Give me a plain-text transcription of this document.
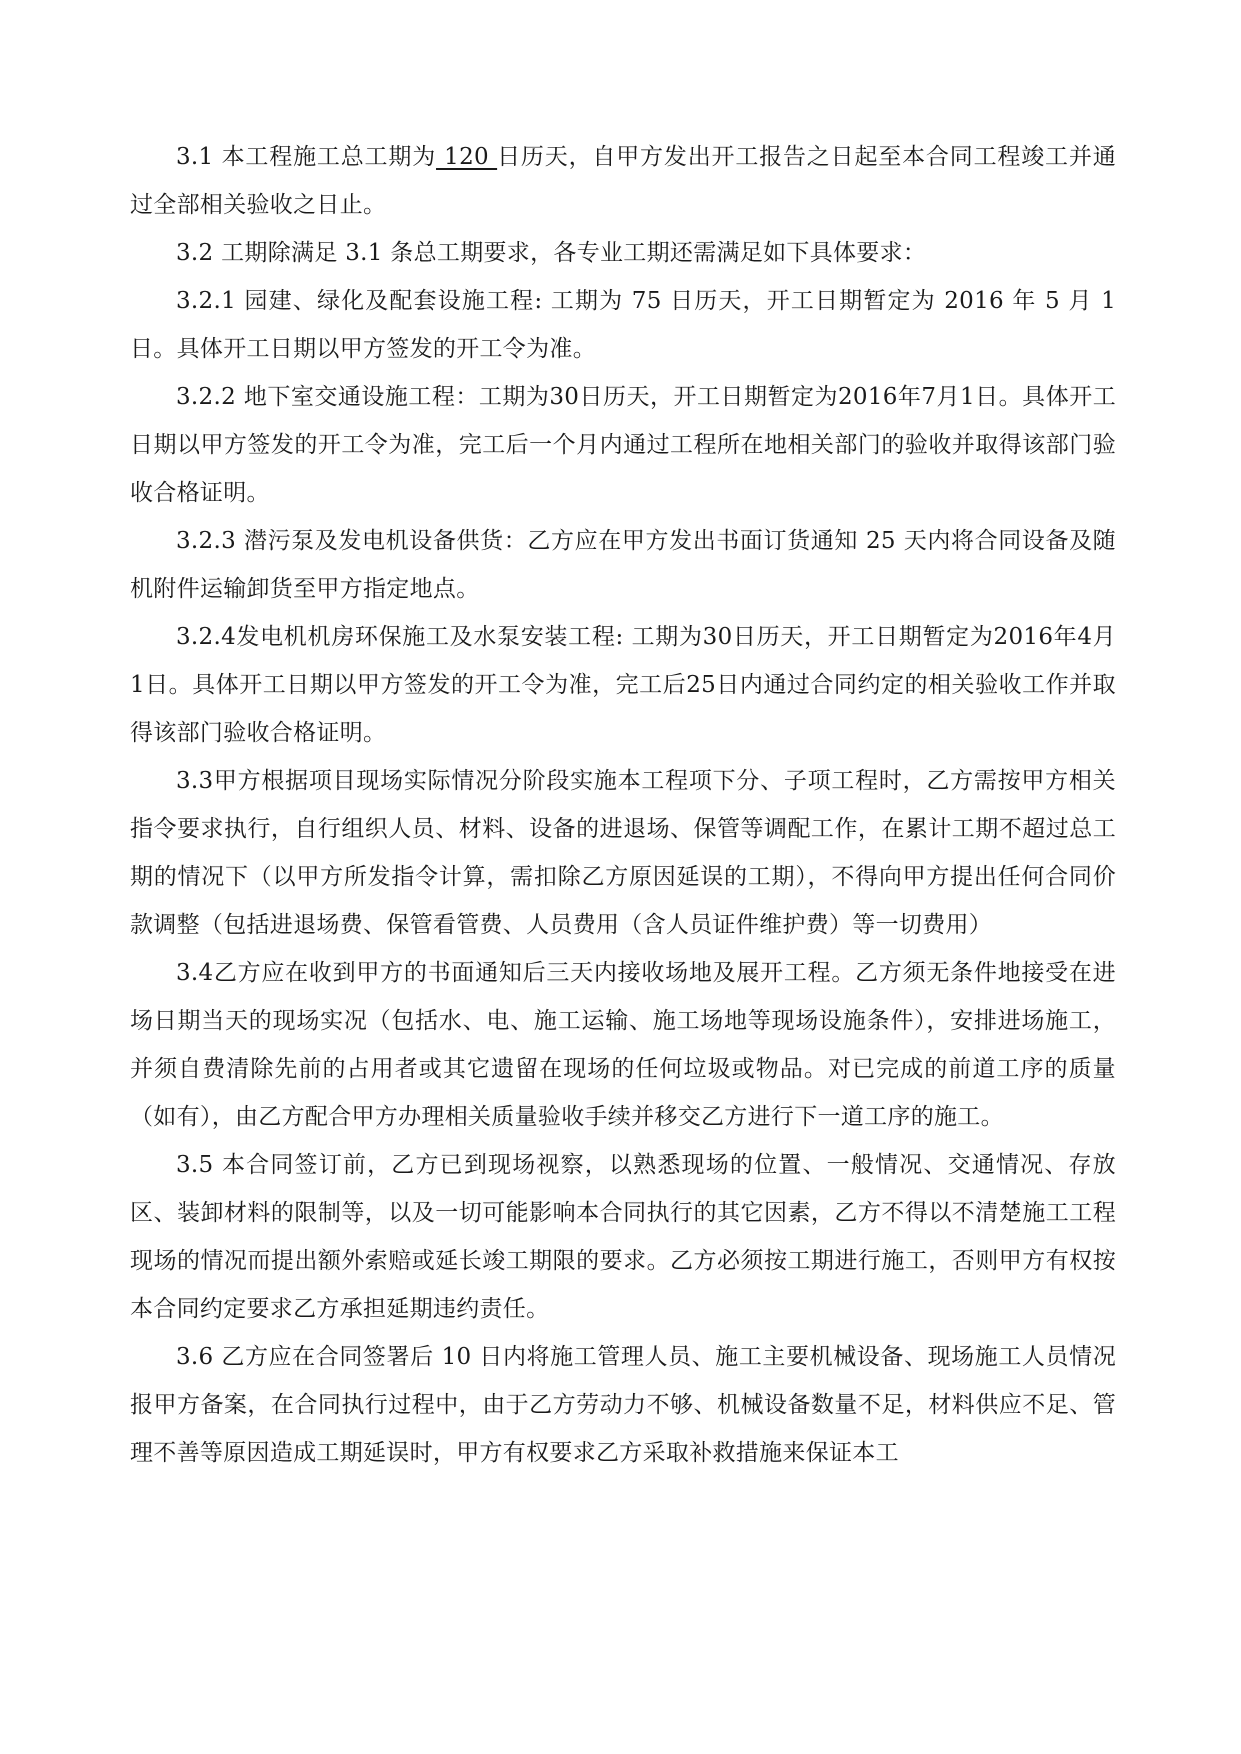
3.1 本工程施工总工期为 120 日历天，自甲方发出开工报告之日起至本合同工程竣工并通过全部相关验收之日止。

3.2 工期除满足 3.1 条总工期要求，各专业工期还需满足如下具体要求：

3.2.1 园建、绿化及配套设施工程: 工期为 75 日历天，开工日期暂定为 2016 年 5 月 1 日。具体开工日期以甲方签发的开工令为准。

3.2.2 地下室交通设施工程：工期为30日历天，开工日期暂定为2016年7月1日。具体开工日期以甲方签发的开工令为准，完工后一个月内通过工程所在地相关部门的验收并取得该部门验收合格证明。

3.2.3 潜污泵及发电机设备供货：乙方应在甲方发出书面订货通知 25 天内将合同设备及随机附件运输卸货至甲方指定地点。

3.2.4发电机机房环保施工及水泵安装工程: 工期为30日历天，开工日期暂定为2016年4月1日。具体开工日期以甲方签发的开工令为准，完工后25日内通过合同约定的相关验收工作并取得该部门验收合格证明。

3.3甲方根据项目现场实际情况分阶段实施本工程项下分、子项工程时，乙方需按甲方相关指令要求执行，自行组织人员、材料、设备的进退场、保管等调配工作，在累计工期不超过总工期的情况下（以甲方所发指令计算，需扣除乙方原因延误的工期），不得向甲方提出任何合同价款调整（包括进退场费、保管看管费、人员费用（含人员证件维护费）等一切费用）

3.4乙方应在收到甲方的书面通知后三天内接收场地及展开工程。乙方须无条件地接受在进场日期当天的现场实况（包括水、电、施工运输、施工场地等现场设施条件），安排进场施工，并须自费清除先前的占用者或其它遗留在现场的任何垃圾或物品。对已完成的前道工序的质量（如有），由乙方配合甲方办理相关质量验收手续并移交乙方进行下一道工序的施工。

3.5 本合同签订前，乙方已到现场视察，以熟悉现场的位置、一般情况、交通情况、存放区、装卸材料的限制等，以及一切可能影响本合同执行的其它因素，乙方不得以不清楚施工工程现场的情况而提出额外索赔或延长竣工期限的要求。乙方必须按工期进行施工，否则甲方有权按本合同约定要求乙方承担延期违约责任。

3.6 乙方应在合同签署后 10 日内将施工管理人员、施工主要机械设备、现场施工人员情况报甲方备案，在合同执行过程中，由于乙方劳动力不够、机械设备数量不足，材料供应不足、管理不善等原因造成工期延误时，甲方有权要求乙方采取补救措施来保证本工
